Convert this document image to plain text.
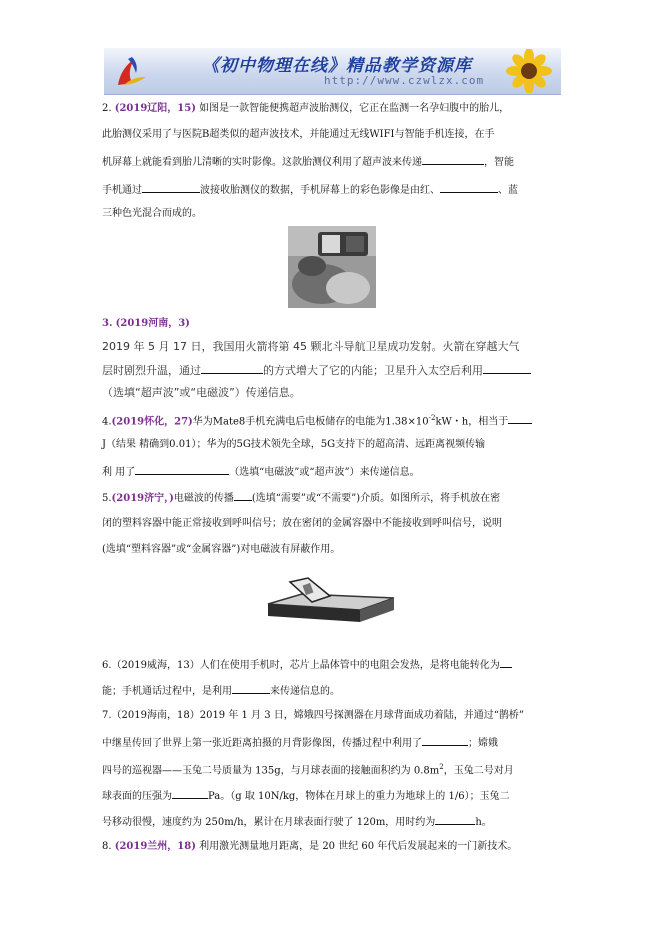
《初中物理在线》精品教学资源库
http://www.czwlzx.com
2. (2019辽阳，15) 如图是一款智能便携超声波胎测仪，它正在监测一名孕妇腹中的胎儿，
此胎测仪采用了与医院B超类似的超声波技术，并能通过无线WIFI与智能手机连接，在手
机屏幕上就能看到胎儿清晰的实时影像。这款胎测仪利用了超声波来传递	，智能
手机通过	波接收胎测仪的数据，手机屏幕上的彩色影像是由红、	、蓝
三种色光混合而成的。
3. (2019河南，3)
2019 年 5 月 17 日，我国用火箭将第 45 颗北斗导航卫星成功发射。火箭在穿越大气
层时剧烈升温，通过	的方式增大了它的内能；卫星升入太空后利用
（选填“超声波”或“电磁波”）传递信息。
4.(2019怀化，27)华为Mate8手机充满电后电板储存的电能为$1.38\times 10^{-2}kW$・h，相当于
J（结果 精确到0.01）；华为的5G技术领先全球，5G支持下的超高清、远距离视频传输
利 用了	（选填“电磁波”或“超声波”）来传递信息。
5.(2019济宁，)电磁波的传播 (选填“需要”或“不需要”)介质。如图所示，将手机放在密
闭的塑料容器中能正常接收到呼叫信号；放在密闭的金属容器中不能接收到呼叫信号，说明
(选填“塑料容器”或“金属容器”)对电磁波有屏蔽作用。
6.（2019威海，13）人们在使用手机时，芯片上晶体管中的电阻会发热，是将电能转化为
能；手机通话过程中，是利用	来传递信息的。
7.（2019海南，18）2019 年 1 月 3 日，嫦娥四号探测器在月球背面成功着陆，并通过“鹊桥”
中继星传回了世界上第一张近距离拍摄的月背影像图，传播过程中利用了	；嫦娥
四号的巡视器——玉兔二号质量为 135g，与月球表面的接触面积约为 $0.8m^2$，玉兔二号对月
球表面的压强为	Pa。（g 取 10N/kg，物体在月球上的重力为地球上的 1/6）；玉兔二
号移动很慢，速度约为 250m/h，累计在月球表面行驶了 120m，用时约为	h。
8. (2019兰州，18) 利用激光测量地月距离，是 20 世纪 60 年代后发展起来的一门新技术。
